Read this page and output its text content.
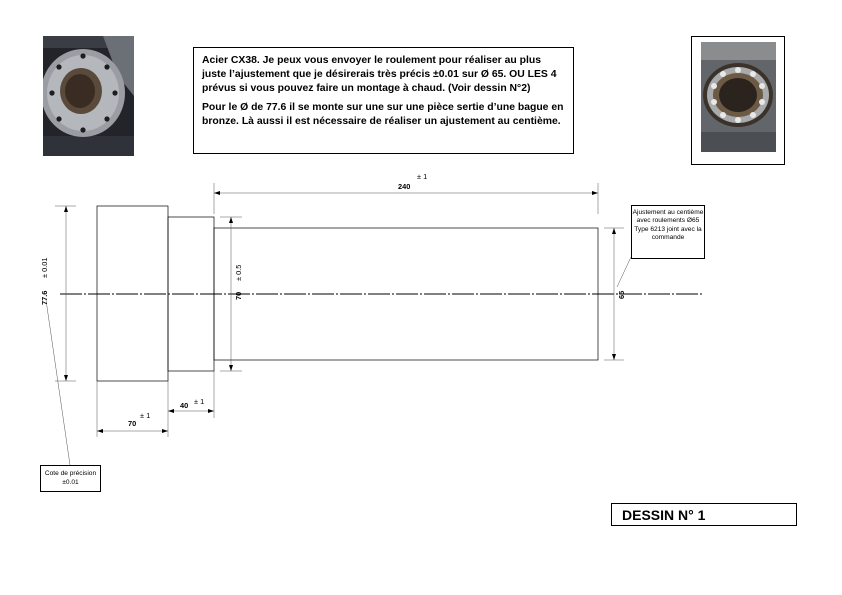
Acier CX38. Je peux vous envoyer le roulement pour réaliser au plus juste l’ajustement que je désirerais très précis ±0.01 sur Ø 65. OU LES 4 prévus si vous pouvez faire un montage à chaud. (Voir dessin N°2)

Pour le Ø de 77.6 il se monte sur une sur une pièce sertie d’une bague en bronze. Là aussi il est nécessaire de réaliser un ajustement au centième.

± 1
240
77.6
± 0.01
70
± 0.5
65
± 1
70
40 ± 1
Ajustement au centième avec roulements Ø65 Type 6213 joint avec la commande
Cote de précision ±0.01
DESSIN N° 1
